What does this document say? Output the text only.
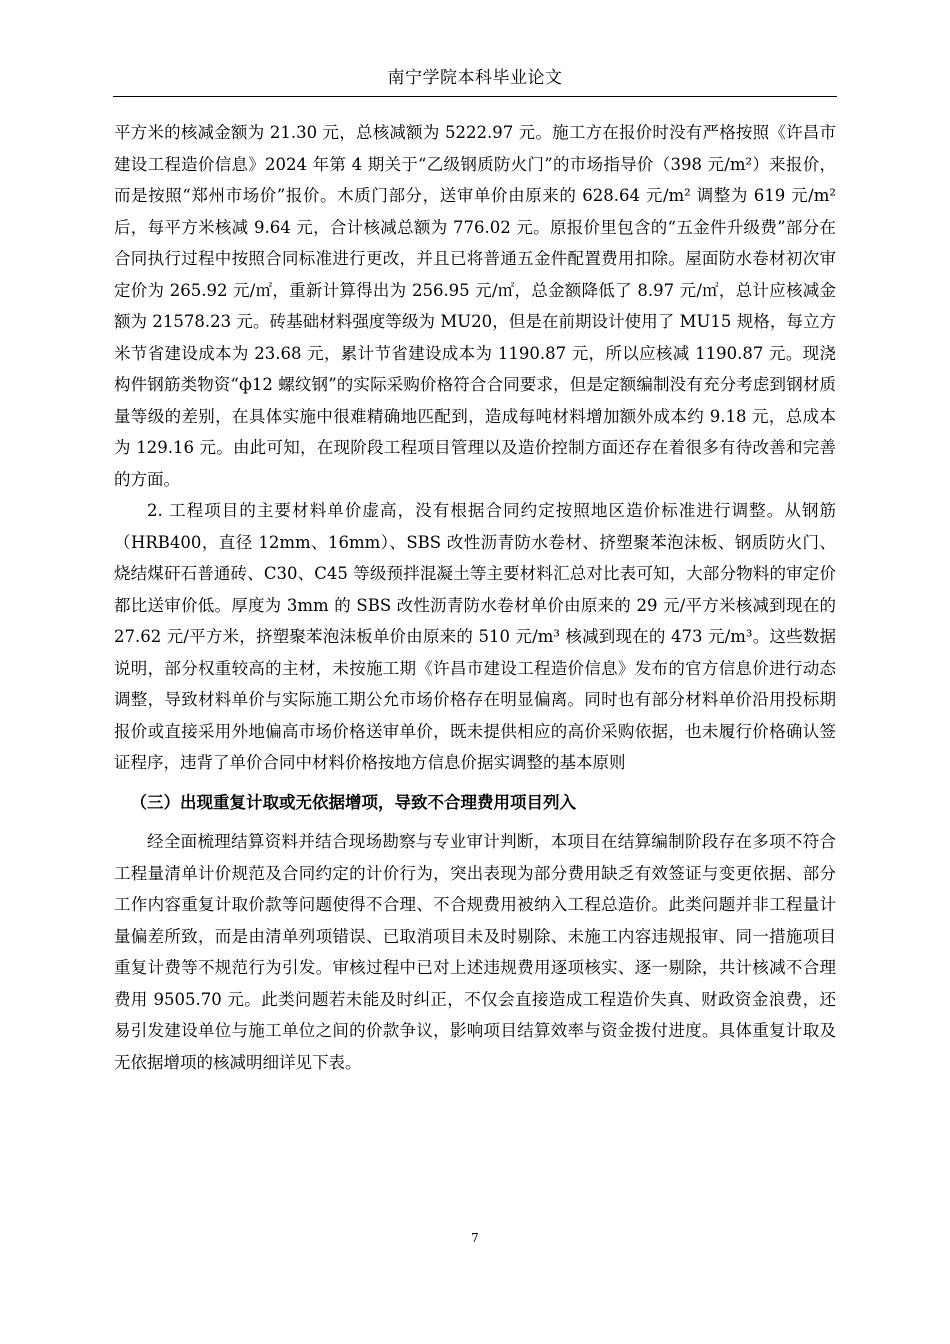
南宁学院本科毕业论文

平方米的核减金额为 21.30 元，总核减额为 5222.97 元。施工方在报价时没有严格按照《许昌市建设工程造价信息》2024 年第 4 期关于“乙级钢质防火门”的市场指导价（398 元/m²）来报价，而是按照“郑州市场价”报价。木质门部分，送审单价由原来的 628.64 元/m² 调整为 619 元/m² 后，每平方米核减 9.64 元，合计核减总额为 776.02 元。原报价里包含的“五金件升级费”部分在合同执行过程中按照合同标准进行更改，并且已将普通五金件配置费用扣除。屋面防水卷材初次审定价为 265.92 元/㎡，重新计算得出为 256.95 元/㎡，总金额降低了 8.97 元/㎡，总计应核减金额为 21578.23 元。砖基础材料强度等级为 MU20，但是在前期设计使用了 MU15 规格，每立方米节省建设成本为 23.68 元，累计节省建设成本为 1190.87 元，所以应核减 1190.87 元。现浇构件钢筋类物资“ф12 螺纹钢”的实际采购价格符合合同要求，但是定额编制没有充分考虑到钢材质量等级的差别，在具体实施中很难精确地匹配到，造成每吨材料增加额外成本约 9.18 元，总成本为 129.16 元。由此可知，在现阶段工程项目管理以及造价控制方面还存在着很多有待改善和完善的方面。

2. 工程项目的主要材料单价虚高，没有根据合同约定按照地区造价标准进行调整。从钢筋（HRB400，直径 12mm、16mm）、SBS 改性沥青防水卷材、挤塑聚苯泡沫板、钢质防火门、烧结煤矸石普通砖、C30、C45 等级预拌混凝土等主要材料汇总对比表可知，大部分物料的审定价都比送审价低。厚度为 3mm 的 SBS 改性沥青防水卷材单价由原来的 29 元/平方米核减到现在的 27.62 元/平方米，挤塑聚苯泡沫板单价由原来的 510 元/m³ 核减到现在的 473 元/m³。这些数据说明，部分权重较高的主材，未按施工期《许昌市建设工程造价信息》发布的官方信息价进行动态调整，导致材料单价与实际施工期公允市场价格存在明显偏离。同时也有部分材料单价沿用投标期报价或直接采用外地偏高市场价格送审单价，既未提供相应的高价采购依据，也未履行价格确认签证程序，违背了单价合同中材料价格按地方信息价据实调整的基本原则

（三）出现重复计取或无依据增项，导致不合理费用项目列入

经全面梳理结算资料并结合现场勘察与专业审计判断，本项目在结算编制阶段存在多项不符合工程量清单计价规范及合同约定的计价行为，突出表现为部分费用缺乏有效签证与变更依据、部分工作内容重复计取价款等问题使得不合理、不合规费用被纳入工程总造价。此类问题并非工程量计量偏差所致，而是由清单列项错误、已取消项目未及时剔除、未施工内容违规报审、同一措施项目重复计费等不规范行为引发。审核过程中已对上述违规费用逐项核实、逐一剔除，共计核减不合理费用 9505.70 元。此类问题若未能及时纠正，不仅会直接造成工程造价失真、财政资金浪费，还易引发建设单位与施工单位之间的价款争议，影响项目结算效率与资金拨付进度。具体重复计取及无依据增项的核减明细详见下表。

7
